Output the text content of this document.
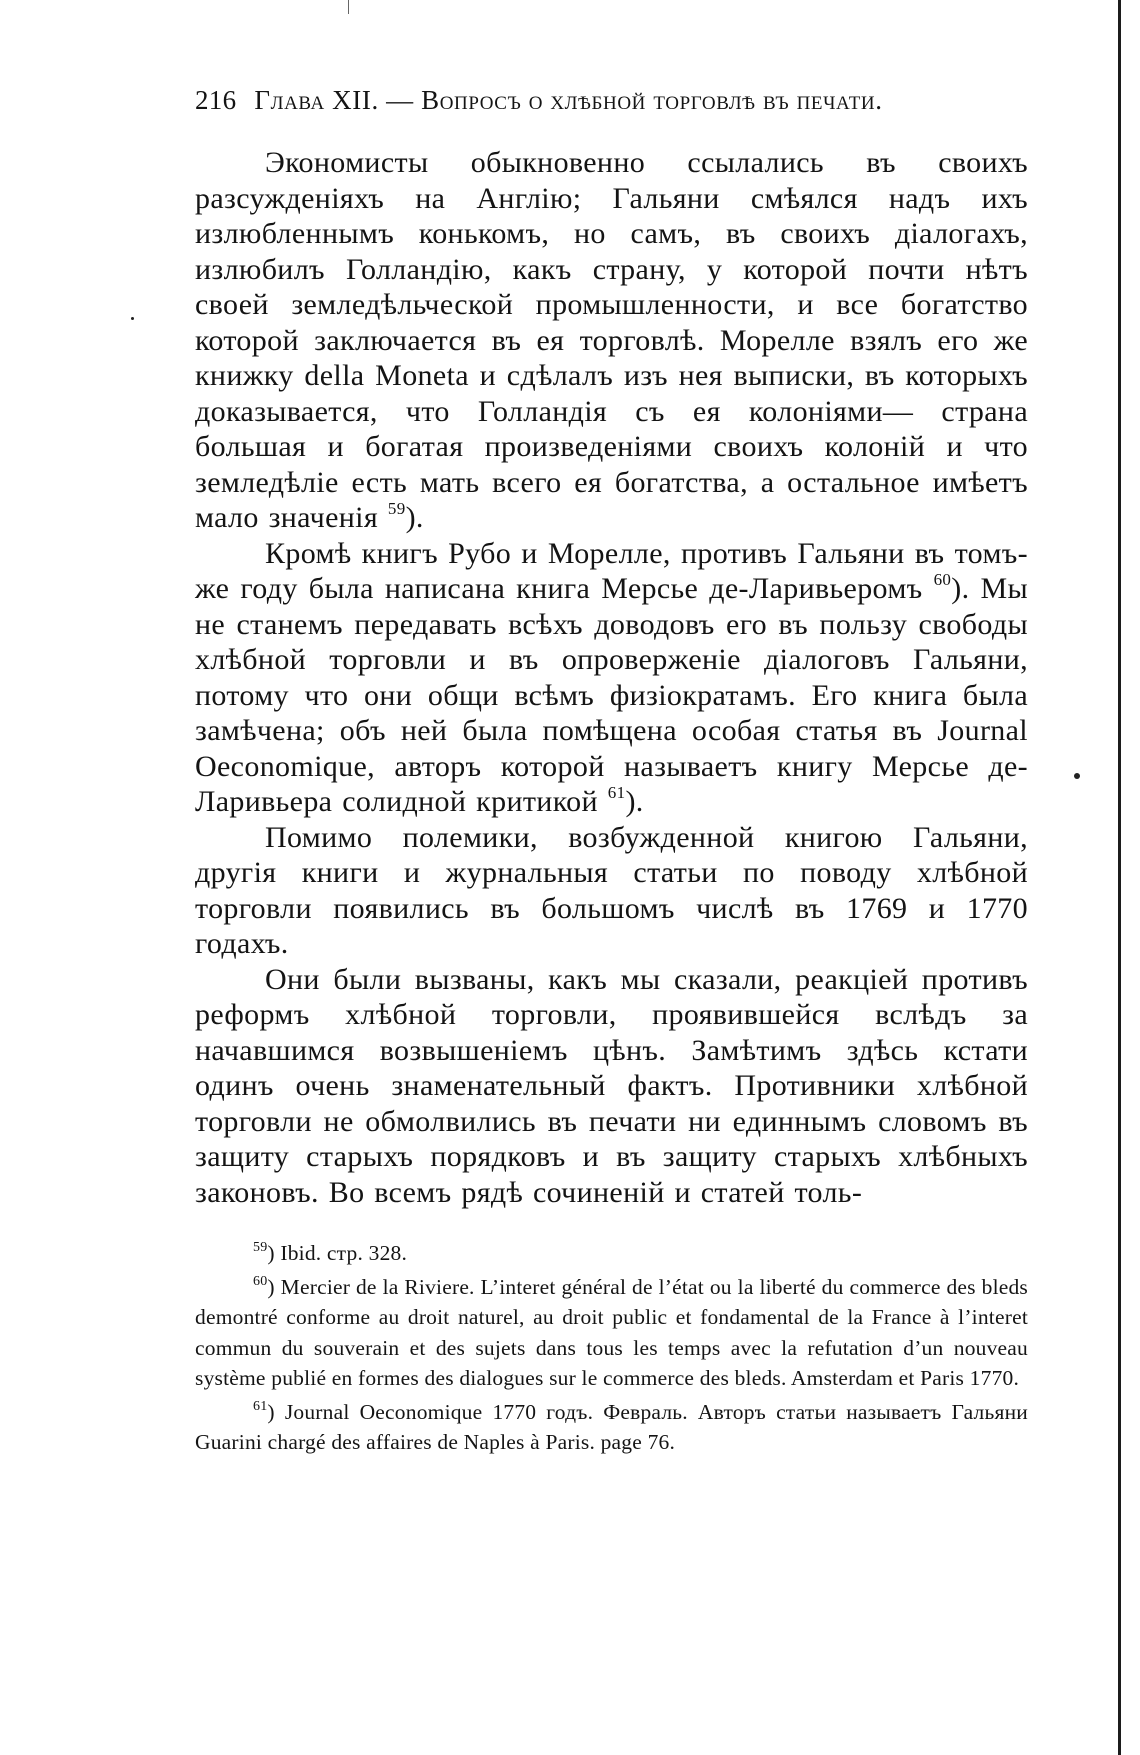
216 Глава XII. — Вопросъ о хлѣбной торговлѣ въ печати.

Экономисты обыкновенно ссылались въ своихъ разсужденіяхъ на Англію; Гальяни смѣялся надъ ихъ излюбленнымъ конькомъ, но самъ, въ своихъ діалогахъ, излюбилъ Голландію, какъ страну, у которой почти нѣтъ своей земледѣльческой промышленности, и все богатство которой заключается въ ея торговлѣ. Морелле взялъ его же книжку della Moneta и сдѣлалъ изъ нея выписки, въ которыхъ доказывается, что Голландія съ ея колоніями— страна большая и богатая произведеніями своихъ колоній и что земледѣліе есть мать всего ея богатства, а остальное имѣетъ мало значенія $^{59}$).

Кромѣ книгъ Рубо и Морелле, противъ Гальяни въ томъ-же году была написана книга Мерсье де-Ларивьеромъ $^{60}$). Мы не станемъ передавать всѣхъ доводовъ его въ пользу свободы хлѣбной торговли и въ опроверженіе діалоговъ Гальяни, потому что они общи всѣмъ физіократамъ. Его книга была замѣчена; объ ней была помѣщена особая статья въ Journal Oeconomique, авторъ которой называетъ книгу Мерсье де-Ларивьера солидной критикой $^{61}$).

Помимо полемики, возбужденной книгою Гальяни, другія книги и журнальныя статьи по поводу хлѣбной торговли появились въ большомъ числѣ въ 1769 и 1770 годахъ.

Они были вызваны, какъ мы сказали, реакціей противъ реформъ хлѣбной торговли, проявившейся вслѣдъ за начавшимся возвышеніемъ цѣнъ. Замѣтимъ здѣсь кстати одинъ очень знаменательный фактъ. Противники хлѣбной торговли не обмолвились въ печати ни единнымъ словомъ въ защиту старыхъ порядковъ и въ защиту старыхъ хлѣбныхъ законовъ. Во всемъ рядѣ сочиненій и статей толь-

$^{59}$) Ibid. стр. 328.

$^{60}$) Mercier de la Riviere. L’interet général de l’état ou la liberté du commerce des bleds demontré conforme au droit naturel, au droit public et fondamental de la France à l’interet commun du souverain et des sujets dans tous les temps avec la refutation d’un nouveau système publié en formes des dialogues sur le commerce des bleds. Amsterdam et Paris 1770.

$^{61}$) Journal Oeconomique 1770 годъ. Февраль. Авторъ статьи называетъ Гальяни Guarini chargé des affaires de Naples à Paris. page 76.
